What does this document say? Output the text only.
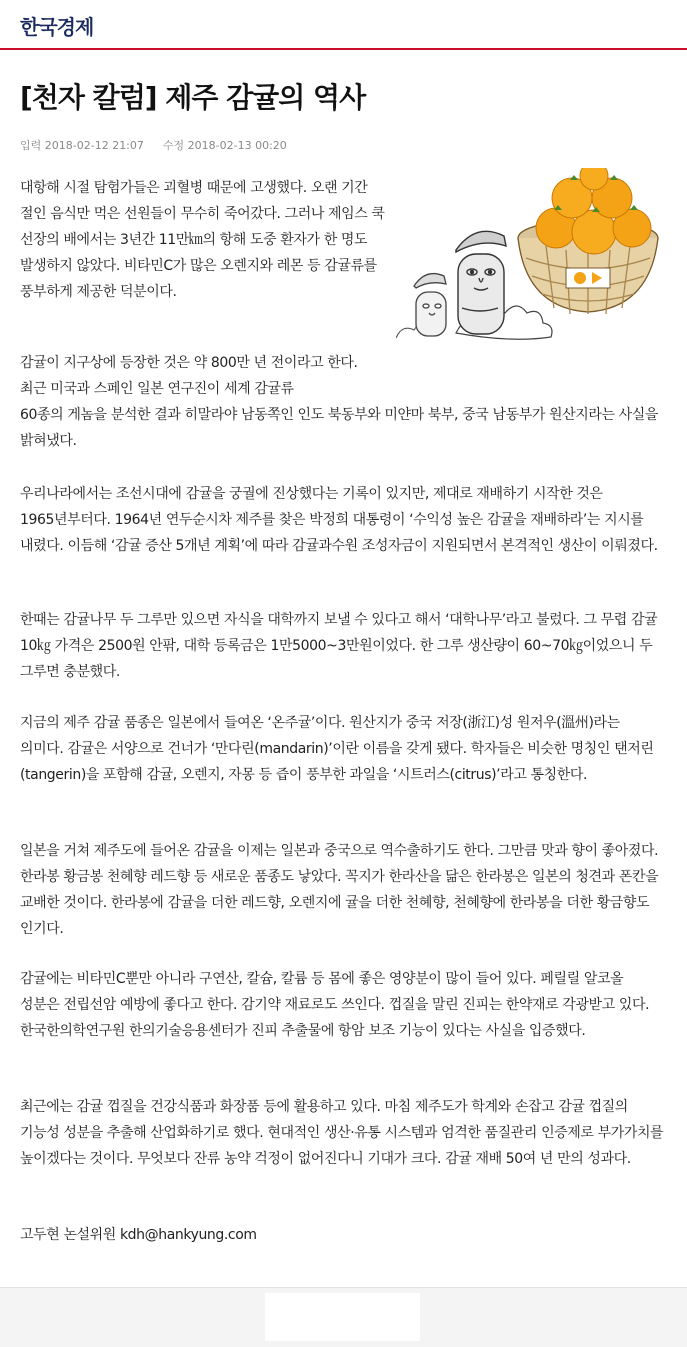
한국경제
[천자 칼럼] 제주 감귤의 역사
입력 2018-02-12 21:07 수정 2018-02-13 00:20

대항해 시절 탐험가들은 괴혈병 때문에 고생했다. 오랜 기간 절인 음식만 먹은 선원들이 무수히 죽어갔다. 그러나 제임스 쿡 선장의 배에서는 3년간 11만㎞의 항해 도중 환자가 한 명도 발생하지 않았다. 비타민C가 많은 오렌지와 레몬 등 감귤류를 풍부하게 제공한 덕분이다.

감귤이 지구상에 등장한 것은 약 800만 년 전이라고 한다. 최근 미국과 스페인 일본 연구진이 세계 감귤류
60종의 게놈을 분석한 결과 히말라야 남동쪽인 인도 북동부와 미얀마 북부, 중국 남동부가 원산지라는 사실을 밝혀냈다.

우리나라에서는 조선시대에 감귤을 궁궐에 진상했다는 기록이 있지만, 제대로 재배하기 시작한 것은 1965년부터다. 1964년 연두순시차 제주를 찾은 박정희 대통령이 ‘수익성 높은 감귤을 재배하라’는 지시를 내렸다. 이듬해 ‘감귤 증산 5개년 계획’에 따라 감귤과수원 조성자금이 지원되면서 본격적인 생산이 이뤄졌다.

한때는 감귤나무 두 그루만 있으면 자식을 대학까지 보낼 수 있다고 해서 ‘대학나무’라고 불렀다. 그 무렵 감귤 10㎏ 가격은 2500원 안팎, 대학 등록금은 1만5000~3만원이었다. 한 그루 생산량이 60~70㎏이었으니 두 그루면 충분했다.

지금의 제주 감귤 품종은 일본에서 들여온 ‘온주귤’이다. 원산지가 중국 저장(浙江)성 원저우(溫州)라는 의미다. 감귤은 서양으로 건너가 ‘만다린(mandarin)’이란 이름을 갖게 됐다. 학자들은 비슷한 명칭인 탠저린(tangerin)을 포함해 감귤, 오렌지, 자몽 등 즙이 풍부한 과일을 ‘시트러스(citrus)’라고 통칭한다.

일본을 거쳐 제주도에 들어온 감귤을 이제는 일본과 중국으로 역수출하기도 한다. 그만큼 맛과 향이 좋아졌다. 한라봉 황금봉 천혜향 레드향 등 새로운 품종도 낳았다. 꼭지가 한라산을 닮은 한라봉은 일본의 청견과 폰칸을 교배한 것이다. 한라봉에 감귤을 더한 레드향, 오렌지에 귤을 더한 천혜향, 천혜향에 한라봉을 더한 황금향도 인기다.

감귤에는 비타민C뿐만 아니라 구연산, 칼슘, 칼륨 등 몸에 좋은 영양분이 많이 들어 있다. 페릴릴 알코올 성분은 전립선암 예방에 좋다고 한다. 감기약 재료로도 쓰인다. 껍질을 말린 진피는 한약재로 각광받고 있다. 한국한의학연구원 한의기술응용센터가 진피 추출물에 항암 보조 기능이 있다는 사실을 입증했다.

최근에는 감귤 껍질을 건강식품과 화장품 등에 활용하고 있다. 마침 제주도가 학계와 손잡고 감귤 껍질의 기능성 성분을 추출해 산업화하기로 했다. 현대적인 생산·유통 시스템과 엄격한 품질관리 인증제로 부가가치를 높이겠다는 것이다. 무엇보다 잔류 농약 걱정이 없어진다니 기대가 크다. 감귤 재배 50여 년 만의 성과다.

고두현 논설위원 kdh@hankyung.com
